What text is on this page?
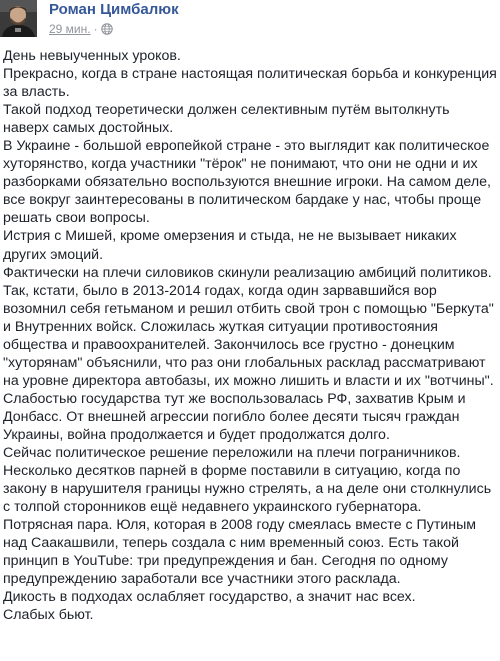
Роман Цимбалюк
29 мин. ·

День невыученных уроков.

Прекрасно, когда в стране настоящая политическая борьба и конкуренция за власть.

Такой подход теоретически должен селективным путём вытолкнуть наверх самых достойных.

В Украине - большой европейкой стране - это выглядит как политическое хуторянство, когда участники "тёрок" не понимают, что они не одни и их разборками обязательно воспользуются внешние игроки. На самом деле, все вокруг заинтересованы в политическом бардаке у нас, чтобы проще решать свои вопросы.

Истрия с Мишей, кроме омерзения и стыда, не не вызывает никаких других эмоций.

Фактически на плечи силовиков скинули реализацию амбиций политиков.

Так, кстати, было в 2013-2014 годах, когда один зарвавшийся вор возомнил себя гетьманом и решил отбить свой трон с помощью "Беркута" и Внутренних войск. Сложилась жуткая ситуации противостояния общества и правоохранителей. Закончилось все грустно - донецким "хуторянам" объяснили, что раз они глобальных расклад рассматривают на уровне директора автобазы, их можно лишить и власти и их "вотчины".

Слабостью государства тут же воспользовалась РФ, захватив Крым и Донбасс. От внешней агрессии погибло более десяти тысяч граждан Украины, война продолжается и будет продолжатся долго.

Сейчас политическое решение переложили на плечи пограничников.

Несколько десятков парней в форме поставили в ситуацию, когда по закону в нарушителя границы нужно стрелять, а на деле они столкнулись с толпой сторонников ещё недавнего украинского губернатора.

Потрясная пара. Юля, которая в 2008 году смеялась вместе с Путиным над Саакашвили, теперь создала с ним временный союз. Есть такой принцип в YouTube: три предупреждения и бан. Сегодня по одному предупреждению заработали все участники этого расклада.

Дикость в подходах ослабляет государство, а значит нас всех.

Слабых бьют.
